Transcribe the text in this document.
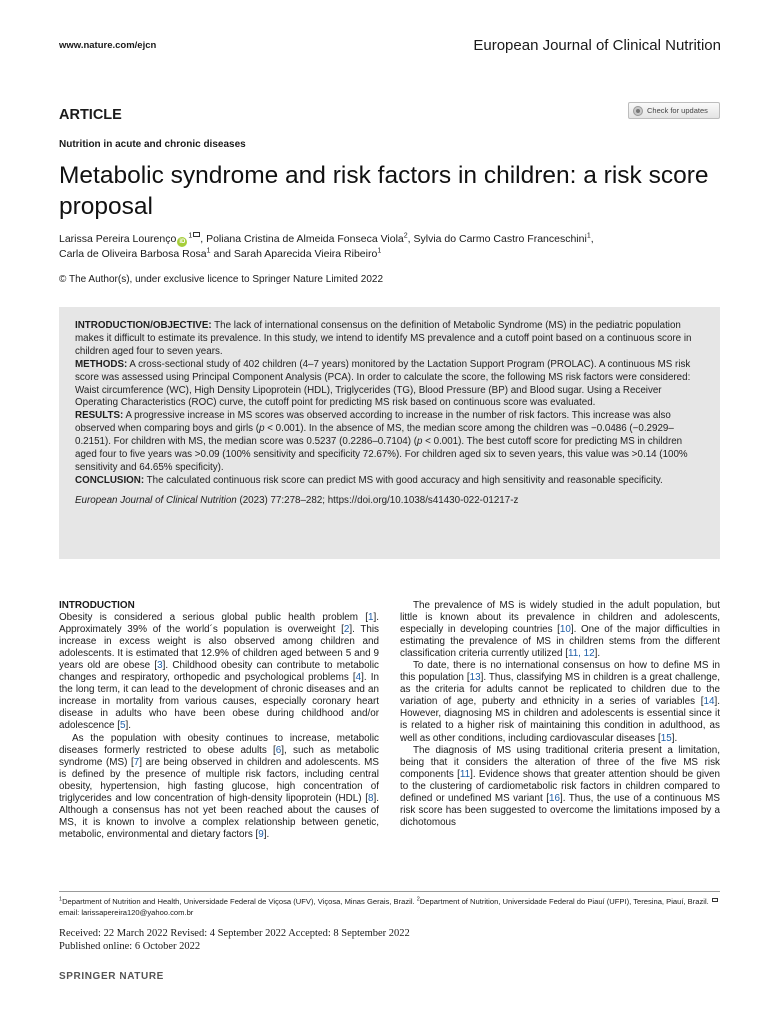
www.nature.com/ejcn	European Journal of Clinical Nutrition
ARTICLE	Check for updates
Nutrition in acute and chronic diseases
Metabolic syndrome and risk factors in children: a risk score proposal
Larissa Pereira Lourenço $iD^1$ , Poliana Cristina de Almeida Fonseca Viola$^2$, Sylvia do Carmo Castro Franceschini$^1$,
Carla de Oliveira Barbosa Rosa$^1$ and Sarah Aparecida Vieira Ribeiro$^1$
© The Author(s), under exclusive licence to Springer Nature Limited 2022

INTRODUCTION/OBJECTIVE: The lack of international consensus on the definition of Metabolic Syndrome (MS) in the pediatric population makes it difficult to estimate its prevalence. In this study, we intend to identify MS prevalence and a cutoff point based on a continuous score in children aged four to seven years.

METHODS: A cross-sectional study of 402 children (4–7 years) monitored by the Lactation Support Program (PROLAC). A continuous MS risk score was assessed using Principal Component Analysis (PCA). In order to calculate the score, the following MS risk factors were considered: Waist circumference (WC), High Density Lipoprotein (HDL), Triglycerides (TG), Blood Pressure (BP) and Blood sugar. Using a Receiver Operating Characteristics (ROC) curve, the cutoff point for predicting MS risk based on continuous score was evaluated.

RESULTS: A progressive increase in MS scores was observed according to increase in the number of risk factors. This increase was also observed when comparing boys and girls (p < 0.001). In the absence of MS, the median score among the children was −0.0486 (−0.2929–0.2151). For children with MS, the median score was 0.5237 (0.2286–0.7104) (p < 0.001). The best cutoff score for predicting MS in children aged four to five years was >0.09 (100% sensitivity and specificity 72.67%). For children aged six to seven years, this value was >0.14 (100% sensitivity and 64.65% specificity).

CONCLUSION: The calculated continuous risk score can predict MS with good accuracy and high sensitivity and reasonable specificity.

European Journal of Clinical Nutrition (2023) 77:278–282; https://doi.org/10.1038/s41430-022-01217-z

INTRODUCTION

Obesity is considered a serious global public health problem [1]. Approximately 39% of the world´s population is overweight [2]. This increase in excess weight is also observed among children and adolescents. It is estimated that 12.9% of children aged between 5 and 9 years old are obese [3]. Childhood obesity can contribute to metabolic changes and respiratory, orthopedic and psychological problems [4]. In the long term, it can lead to the development of chronic diseases and an increase in mortality from various causes, especially coronary heart disease in adults who have been obese during childhood and/or adolescence [5].

As the population with obesity continues to increase, metabolic diseases formerly restricted to obese adults [6], such as metabolic syndrome (MS) [7] are being observed in children and adolescents. MS is defined by the presence of multiple risk factors, including central obesity, hypertension, high fasting glucose, high concentration of triglycerides and low concentration of high-density lipoprotein (HDL) [8]. Although a consensus has not yet been reached about the causes of MS, it is known to involve a complex relationship between genetic, metabolic, environmental and dietary factors [9].

The prevalence of MS is widely studied in the adult population, but little is known about its prevalence in children and adolescents, especially in developing countries [10]. One of the major difficulties in estimating the prevalence of MS in children stems from the different classification criteria currently utilized [11, 12].

To date, there is no international consensus on how to define MS in this population [13]. Thus, classifying MS in children is a great challenge, as the criteria for adults cannot be replicated to children due to the variation of age, puberty and ethnicity in a series of variables [14]. However, diagnosing MS in children and adolescents is essential since it is related to a higher risk of maintaining this condition in adulthood, as well as other conditions, including cardiovascular diseases [15].

The diagnosis of MS using traditional criteria present a limitation, being that it considers the alteration of three of the five MS risk components [11]. Evidence shows that greater attention should be given to the clustering of cardiometabolic risk factors in children compared to defined or undefined MS variant [16]. Thus, the use of a continuous MS risk score has been suggested to overcome the limitations imposed by a dichotomous

$^1$Department of Nutrition and Health, Universidade Federal de Viçosa (UFV), Viçosa, Minas Gerais, Brazil. $^2$Department of Nutrition, Universidade Federal do Piauí (UFPI), Teresina, Piauí, Brazil. email: larissapereira120@yahoo.com.br
Received: 22 March 2022 Revised: 4 September 2022 Accepted: 8 September 2022
Published online: 6 October 2022
SPRINGER NATURE
